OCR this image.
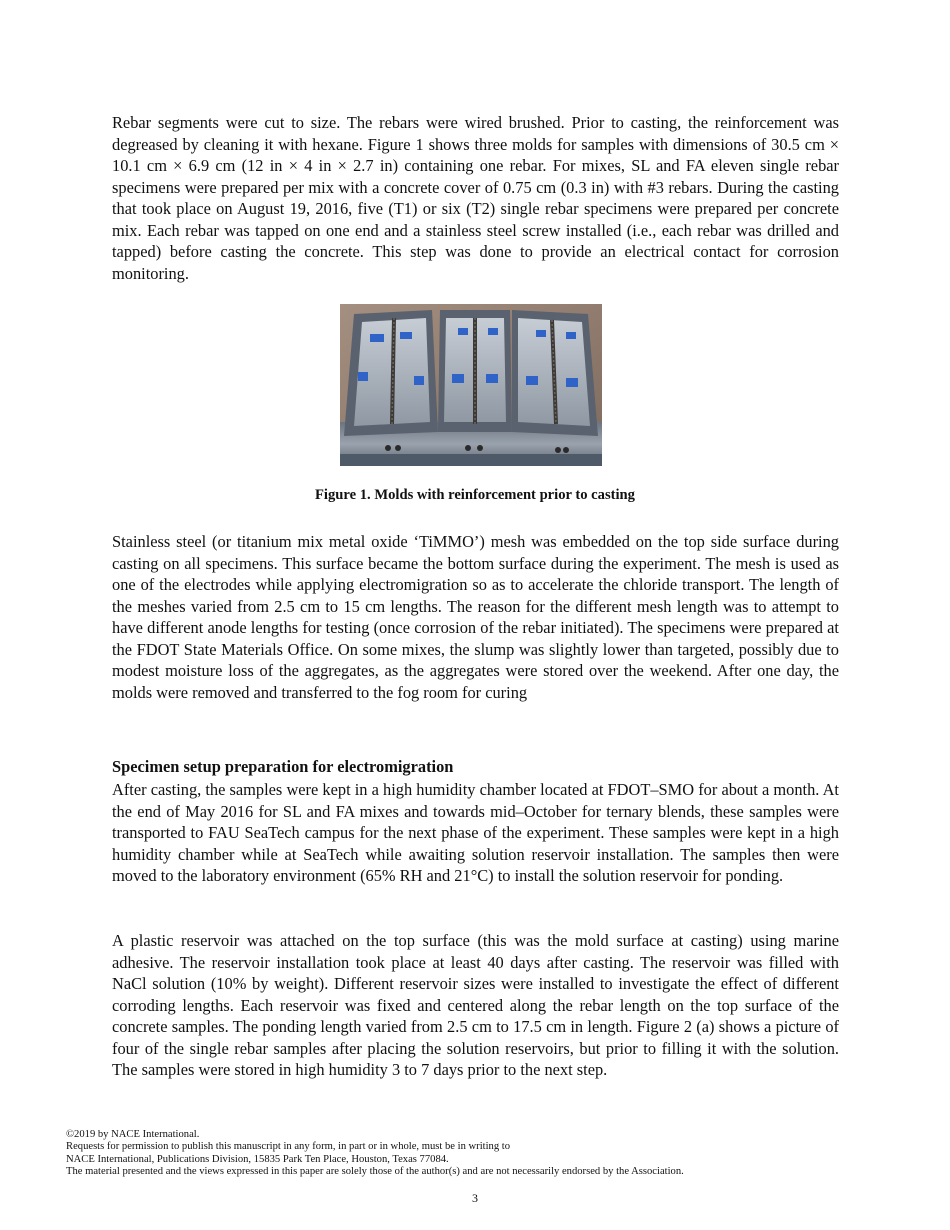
Rebar segments were cut to size. The rebars were wired brushed. Prior to casting, the reinforcement was degreased by cleaning it with hexane. Figure 1 shows three molds for samples with dimensions of 30.5 cm × 10.1 cm × 6.9 cm (12 in × 4 in × 2.7 in) containing one rebar. For mixes, SL and FA eleven single rebar specimens were prepared per mix with a concrete cover of 0.75 cm (0.3 in) with #3 rebars. During the casting that took place on August 19, 2016, five (T1) or six (T2) single rebar specimens were prepared per concrete mix. Each rebar was tapped on one end and a stainless steel screw installed (i.e., each rebar was drilled and tapped) before casting the concrete. This step was done to provide an electrical contact for corrosion monitoring.

Figure 1. Molds with reinforcement prior to casting

Stainless steel (or titanium mix metal oxide ‘TiMMO’) mesh was embedded on the top side surface during casting on all specimens. This surface became the bottom surface during the experiment. The mesh is used as one of the electrodes while applying electromigration so as to accelerate the chloride transport. The length of the meshes varied from 2.5 cm to 15 cm lengths. The reason for the different mesh length was to attempt to have different anode lengths for testing (once corrosion of the rebar initiated). The specimens were prepared at the FDOT State Materials Office. On some mixes, the slump was slightly lower than targeted, possibly due to modest moisture loss of the aggregates, as the aggregates were stored over the weekend. After one day, the molds were removed and transferred to the fog room for curing

Specimen setup preparation for electromigration

After casting, the samples were kept in a high humidity chamber located at FDOT–SMO for about a month. At the end of May 2016 for SL and FA mixes and towards mid–October for ternary blends, these samples were transported to FAU SeaTech campus for the next phase of the experiment. These samples were kept in a high humidity chamber while at SeaTech while awaiting solution reservoir installation. The samples then were moved to the laboratory environment (65% RH and 21°C) to install the solution reservoir for ponding.

A plastic reservoir was attached on the top surface (this was the mold surface at casting) using marine adhesive. The reservoir installation took place at least 40 days after casting. The reservoir was filled with NaCl solution (10% by weight). Different reservoir sizes were installed to investigate the effect of different corroding lengths. Each reservoir was fixed and centered along the rebar length on the top surface of the concrete samples. The ponding length varied from 2.5 cm to 17.5 cm in length. Figure 2 (a) shows a picture of four of the single rebar samples after placing the solution reservoirs, but prior to filling it with the solution. The samples were stored in high humidity 3 to 7 days prior to the next step.

©2019 by NACE International.
Requests for permission to publish this manuscript in any form, in part or in whole, must be in writing to
NACE International, Publications Division, 15835 Park Ten Place, Houston, Texas 77084.
The material presented and the views expressed in this paper are solely those of the author(s) and are not necessarily endorsed by the Association.
3
